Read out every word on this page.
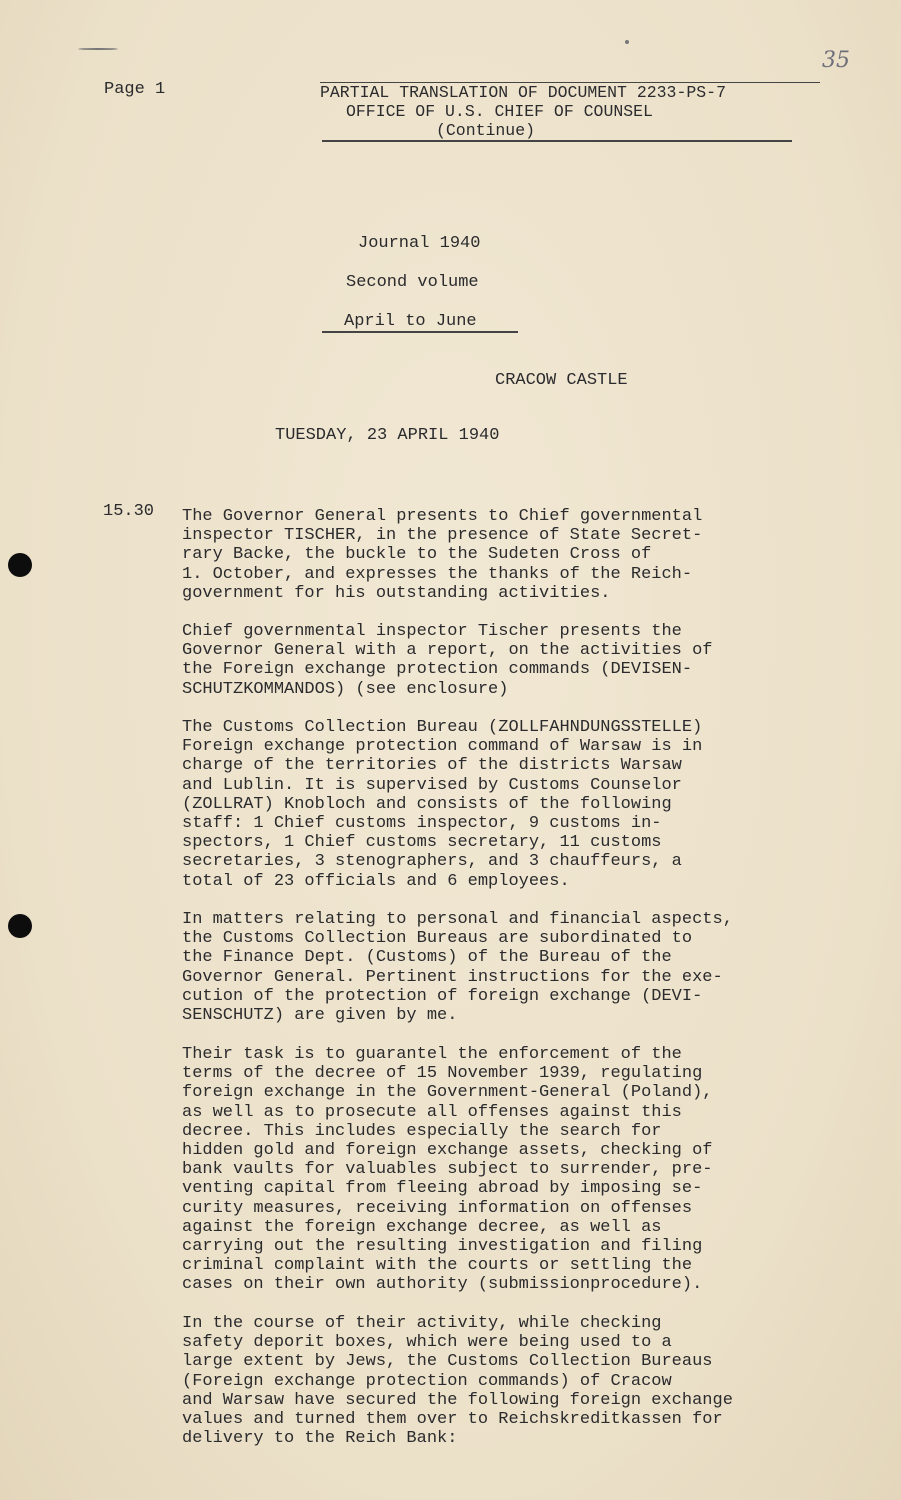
Page 1
35
PARTIAL TRANSLATION OF DOCUMENT 2233-PS-7
OFFICE OF U.S. CHIEF OF COUNSEL
(Continue)
Journal 1940
Second volume
April to June
CRACOW CASTLE
TUESDAY, 23 APRIL 1940
15.30 The Governor General presents to Chief governmental
inspector TISCHER, in the presence of State Secret-
rary Backe, the buckle to the Sudeten Cross of
1. October, and expresses the thanks of the Reich-
government for his outstanding activities.
Chief governmental inspector Tischer presents the
Governor General with a report, on the activities of
the Foreign exchange protection commands (DEVISEN-
SCHUTZKOMMANDOS) (see enclosure)
The Customs Collection Bureau (ZOLLFAHNDUNGSSTELLE)
Foreign exchange protection command of Warsaw is in
charge of the territories of the districts Warsaw
and Lublin. It is supervised by Customs Counselor
(ZOLLRAT) Knobloch and consists of the following
staff: 1 Chief customs inspector, 9 customs in-
spectors, 1 Chief customs secretary, 11 customs
secretaries, 3 stenographers, and 3 chauffeurs, a
total of 23 officials and 6 employees.
In matters relating to personal and financial aspects,
the Customs Collection Bureaus are subordinated to
the Finance Dept. (Customs) of the Bureau of the
Governor General. Pertinent instructions for the exe-
cution of the protection of foreign exchange (DEVI-
SENSCHUTZ) are given by me.
Their task is to guarantel the enforcement of the
terms of the decree of 15 November 1939, regulating
foreign exchange in the Government-General (Poland),
as well as to prosecute all offenses against this
decree. This includes especially the search for
hidden gold and foreign exchange assets, checking of
bank vaults for valuables subject to surrender, pre-
venting capital from fleeing abroad by imposing se-
curity measures, receiving information on offenses
against the foreign exchange decree, as well as
carrying out the resulting investigation and filing
criminal complaint with the courts or settling the
cases on their own authority (submissionprocedure).
In the course of their activity, while checking
safety deporit boxes, which were being used to a
large extent by Jews, the Customs Collection Bureaus
(Foreign exchange protection commands) of Cracow
and Warsaw have secured the following foreign exchange
values and turned them over to Reichskreditkassen for
delivery to the Reich Bank:
